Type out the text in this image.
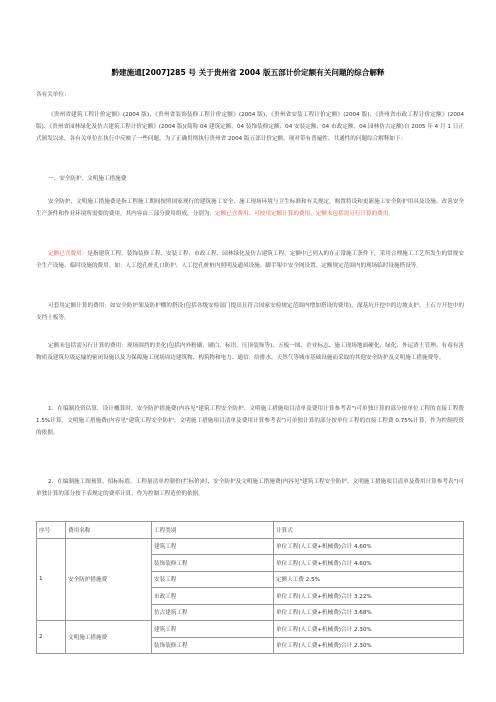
黔建施通[2007]285 号 关于贵州省 2004 版五部计价定额有关问题的综合解释

各有关单位：

《贵州省建筑工程计价定额》(2004 版)、《贵州省装饰装修工程计价定额》(2004 版)、《贵州省安装工程计价定额》(2004 版)、《贵州省市政工程计价定额》(2004 版)、《贵州省园林绿化及仿古建筑工程计价定额》(2004 版)(简称 04 建筑定额、04 装饰装修定额、04 安装定额、04 市政定额、04 园林仿古定额)自 2005 年 4 月 1 日正式颁发以来，各有关单位在执行中反映了一些问题，为了正确贯彻执行贵州省 2004 版五部计价定额，现对带有普遍性、共通性的问题综合解释如下：

一、安全防护、文明施工措施费

安全防护、文明施工措施费是指工程施工期间按照国家现行的建筑施工安全、施工现场环境与卫生标准和有关规定，购置将设和更新施工安全防护用具及设施、改善安全生产条件和作业环境所需要的费用。其内容由三部分费用组成，分别为：定额已含费用、可按用定额计算的费用、定额未包括需另行计算的费用。

定额已含费用：是指建筑工程、装饰装修工程、安装工程、市政工程、园林绿化及仿古建筑工程，定额中已列入的在正常施工条件下，采用合理施工工艺所发生的常规安全生产设施、临时设施的费用。如：人工挖孔桩孔口防护、人工挖孔桩桩内照明及通风设施、脚手架中安全网设置、定额规定范围内的现场临时设施搭设等。

可套用定额计算的费用：如安全防护架及防护棚的搭设(包括各级安检部门提出且符合国家安检规定范围内增加搭设的费用)，深基坑开挖中的边坡支护、土石方开挖中的支挡土板等。

定额未包括需另行计算的费用：现场围挡的美化(包括内外粉刷、刷白、标语、压顶装饰等)、五板一图、企业标志、施工现场地面硬化、绿化、外运渣土管理、有毒有害物质及建筑垃圾运输的密闭设施以及为保障施工现场周边建筑物、构筑物和电力、通信、给排水、天然气等城市基础设施而采取的其他安全防护及文明施工措施费等。

1．在编制投资估算、设计概算时，安全防护措施费(内容见"建筑工程安全防护、文明施工措施项目清单及费用计算参考表")可单独计算的部分按单位工程的直接工程费 1.5%计算，文明施工措施费(内容见"建筑工程安全防护、文明施工措施项目清单及费用计算参考表")可单独计算的部分按单位工程的直接工程费 0.75%计算，作为控制投资的依据。

2．在编制施工图预算、招标标底、工程量清单控制价(拦标价)时，安全防护及文明施工措施费(内容见"建筑工程安全防护、文明施工措施项目清单及费用计算参考表")可单独计算的部分按下表规定的费率计算，作为控制工程造价的依据。

序号	费用名称	工程类别	计算式
1	安全防护措施费	建筑工程	单位工程(人工费+机械费)合计 4.60%
		装饰装修工程	单位工程(人工费+机械费)合计 4.60%
		安装工程	定额人工费 2.5%
		市政工程	单位工程(人工费+机械费)合计 3.22%
		仿古建筑工程	单位工程(人工费+机械费)合计 3.68%
2	文明施工措施费	建筑工程	单位工程(人工费+机械费)合计 2.30%
		装饰装修工程	单位工程(人工费+机械费)合计 2.30%
